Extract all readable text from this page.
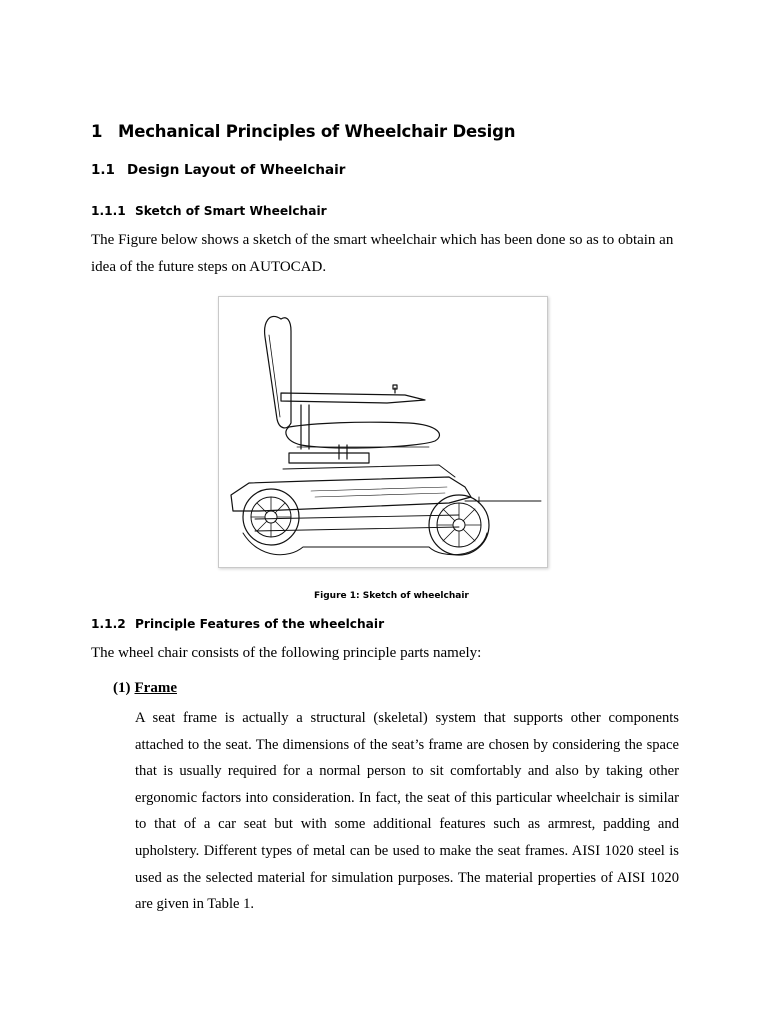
1 Mechanical Principles of Wheelchair Design
1.1 Design Layout of Wheelchair
1.1.1 Sketch of Smart Wheelchair

The Figure below shows a sketch of the smart wheelchair which has been done so as to obtain an idea of the future steps on AUTOCAD.

Figure 1: Sketch of wheelchair
1.1.2 Principle Features of the wheelchair

The wheel chair consists of the following principle parts namely:

(1) Frame

A seat frame is actually a structural (skeletal) system that supports other components attached to the seat. The dimensions of the seat’s frame are chosen by considering the space that is usually required for a normal person to sit comfortably and also by taking other ergonomic factors into consideration. In fact, the seat of this particular wheelchair is similar to that of a car seat but with some additional features such as armrest, padding and upholstery. Different types of metal can be used to make the seat frames. AISI 1020 steel is used as the selected material for simulation purposes. The material properties of AISI 1020 are given in Table 1.
